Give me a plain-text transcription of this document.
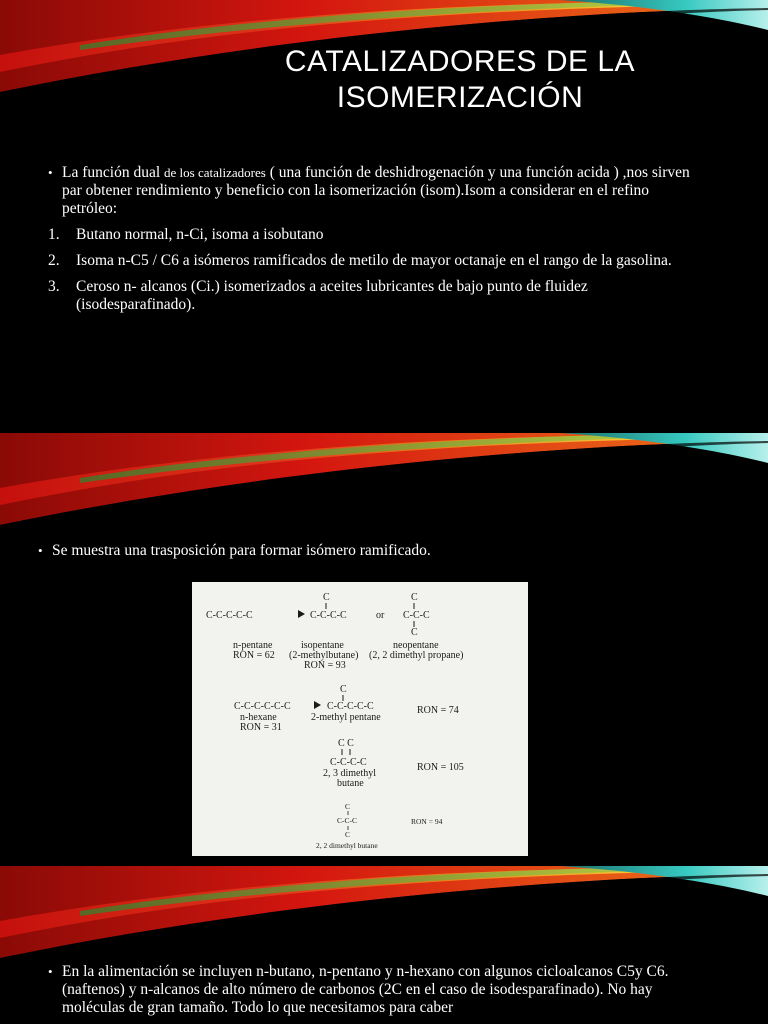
CATALIZADORES DE LA
ISOMERIZACIÓN
• La función dual de los catalizadores ( una función de deshidrogenación y una función acida ) ,nos sirven par obtener rendimiento y beneficio con la isomerización (isom).Isom a considerar en el refino petróleo:
1.	Butano normal, n-Ci, isoma a isobutano
2.	Isoma n-C5 / C6 a isómeros ramificados de metilo de mayor octanaje en el rango de la gasolina.
3.	Ceroso n- alcanos (Ci.) isomerizados a aceites lubricantes de bajo punto de fluidez (isodesparafinado).
• Se muestra una trasposición para formar isómero ramificado.
C	C
C-C-C-C-C	C-C-C-C	or C-C-C
C
n-pentane
RON = 62
isopentane
(2-methylbutane)
RON = 93
neopentane
(2, 2 dimethyl propane)
C
C-C-C-C-C-C	C-C-C-C-C	RON = 74
n-hexane
RON = 31
2-methyl pentane
C C
C-C-C-C	RON = 105
2, 3 dimethyl
butane
C
C-C-C	RON = 94
C
2, 2 dimethyl butane
• En la alimentación se incluyen n-butano, n-pentano y n-hexano con algunos cicloalcanos C5y C6. (naftenos) y n-alcanos de alto número de carbonos (2C en el caso de isodesparafinado). No hay moléculas de gran tamaño. Todo lo que necesitamos para caber
